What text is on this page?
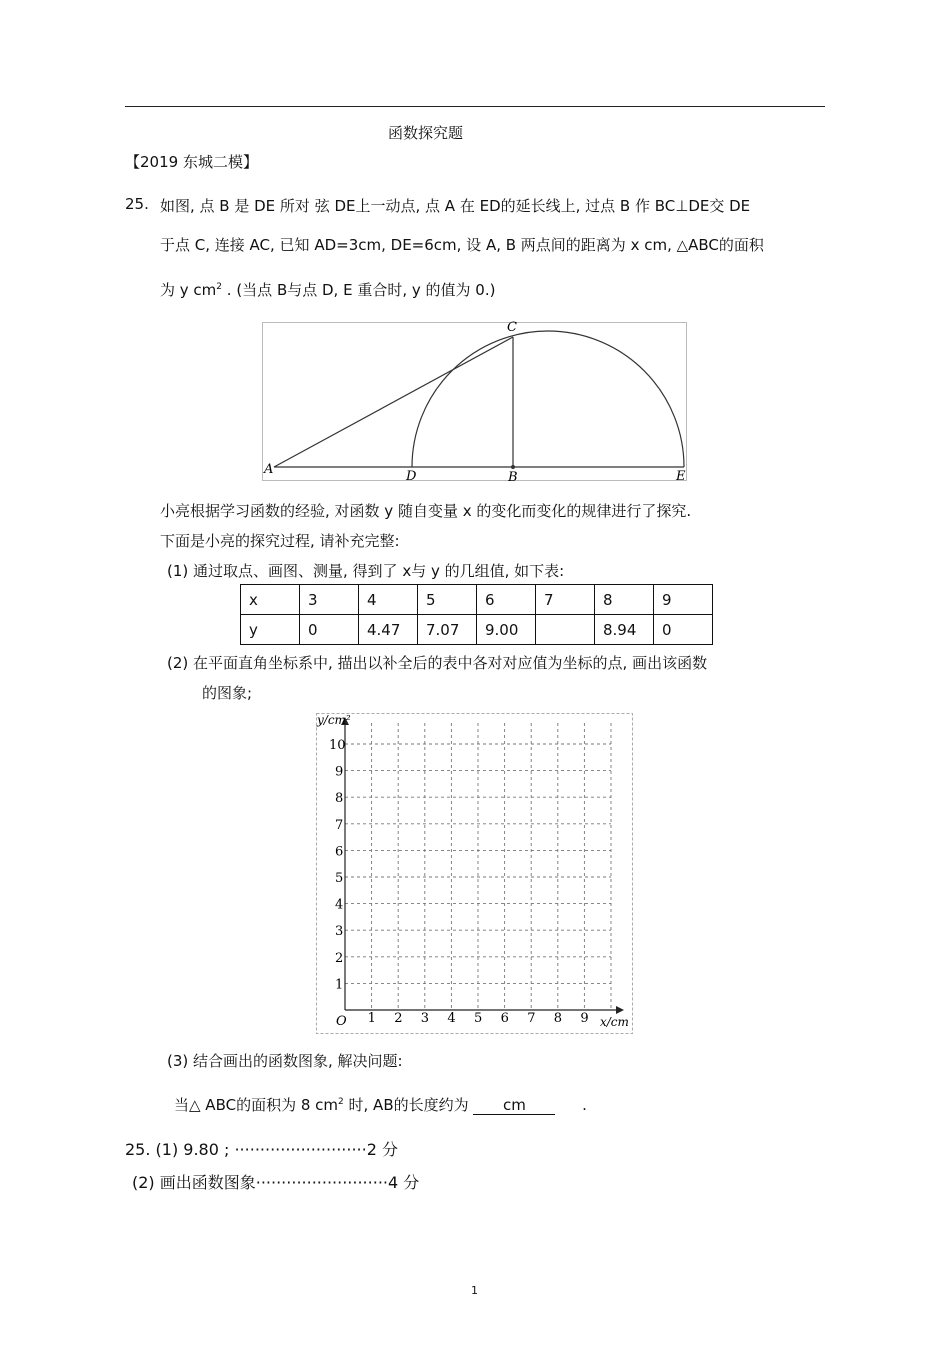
函数探究题
【2019 东城二模】
25. 如图, 点 B 是 DE 所对 弦 DE上一动点, 点 A 在 ED的延长线上, 过点 B 作 BC⊥DE交 DE
于点 C, 连接 AC, 已知 AD=3cm, DE=6cm, 设 A, B 两点间的距离为 x cm, △ABC的面积
为 y $cm^2$ . (当点 B与点 D, E 重合时, y 的值为 0.)
A	D	B
C
E
小亮根据学习函数的经验, 对函数 y 随自变量 x 的变化而变化的规律进行了探究.
下面是小亮的探究过程, 请补充完整:
(1) 通过取点、画图、测量, 得到了 x与 y 的几组值, 如下表:
x	3	4	5	6	7	8	9
y	0	4.47	7.07	9.00		8.94	0
(2) 在平面直角坐标系中, 描出以补全后的表中各对对应值为坐标的点, 画出该函数
的图象;
1 2 3 4 5 6 7 8 9
1
2
3
4
5
6
7
8
9
10
O	x/cm
y/cm²
(3) 结合画出的函数图象, 解决问题:
当△ ABC的面积为 8 $cm^2$ 时, AB的长度约为 cm	.
25. (1) 9.80 ; ··························2 分
(2) 画出函数图象··························4 分
1
